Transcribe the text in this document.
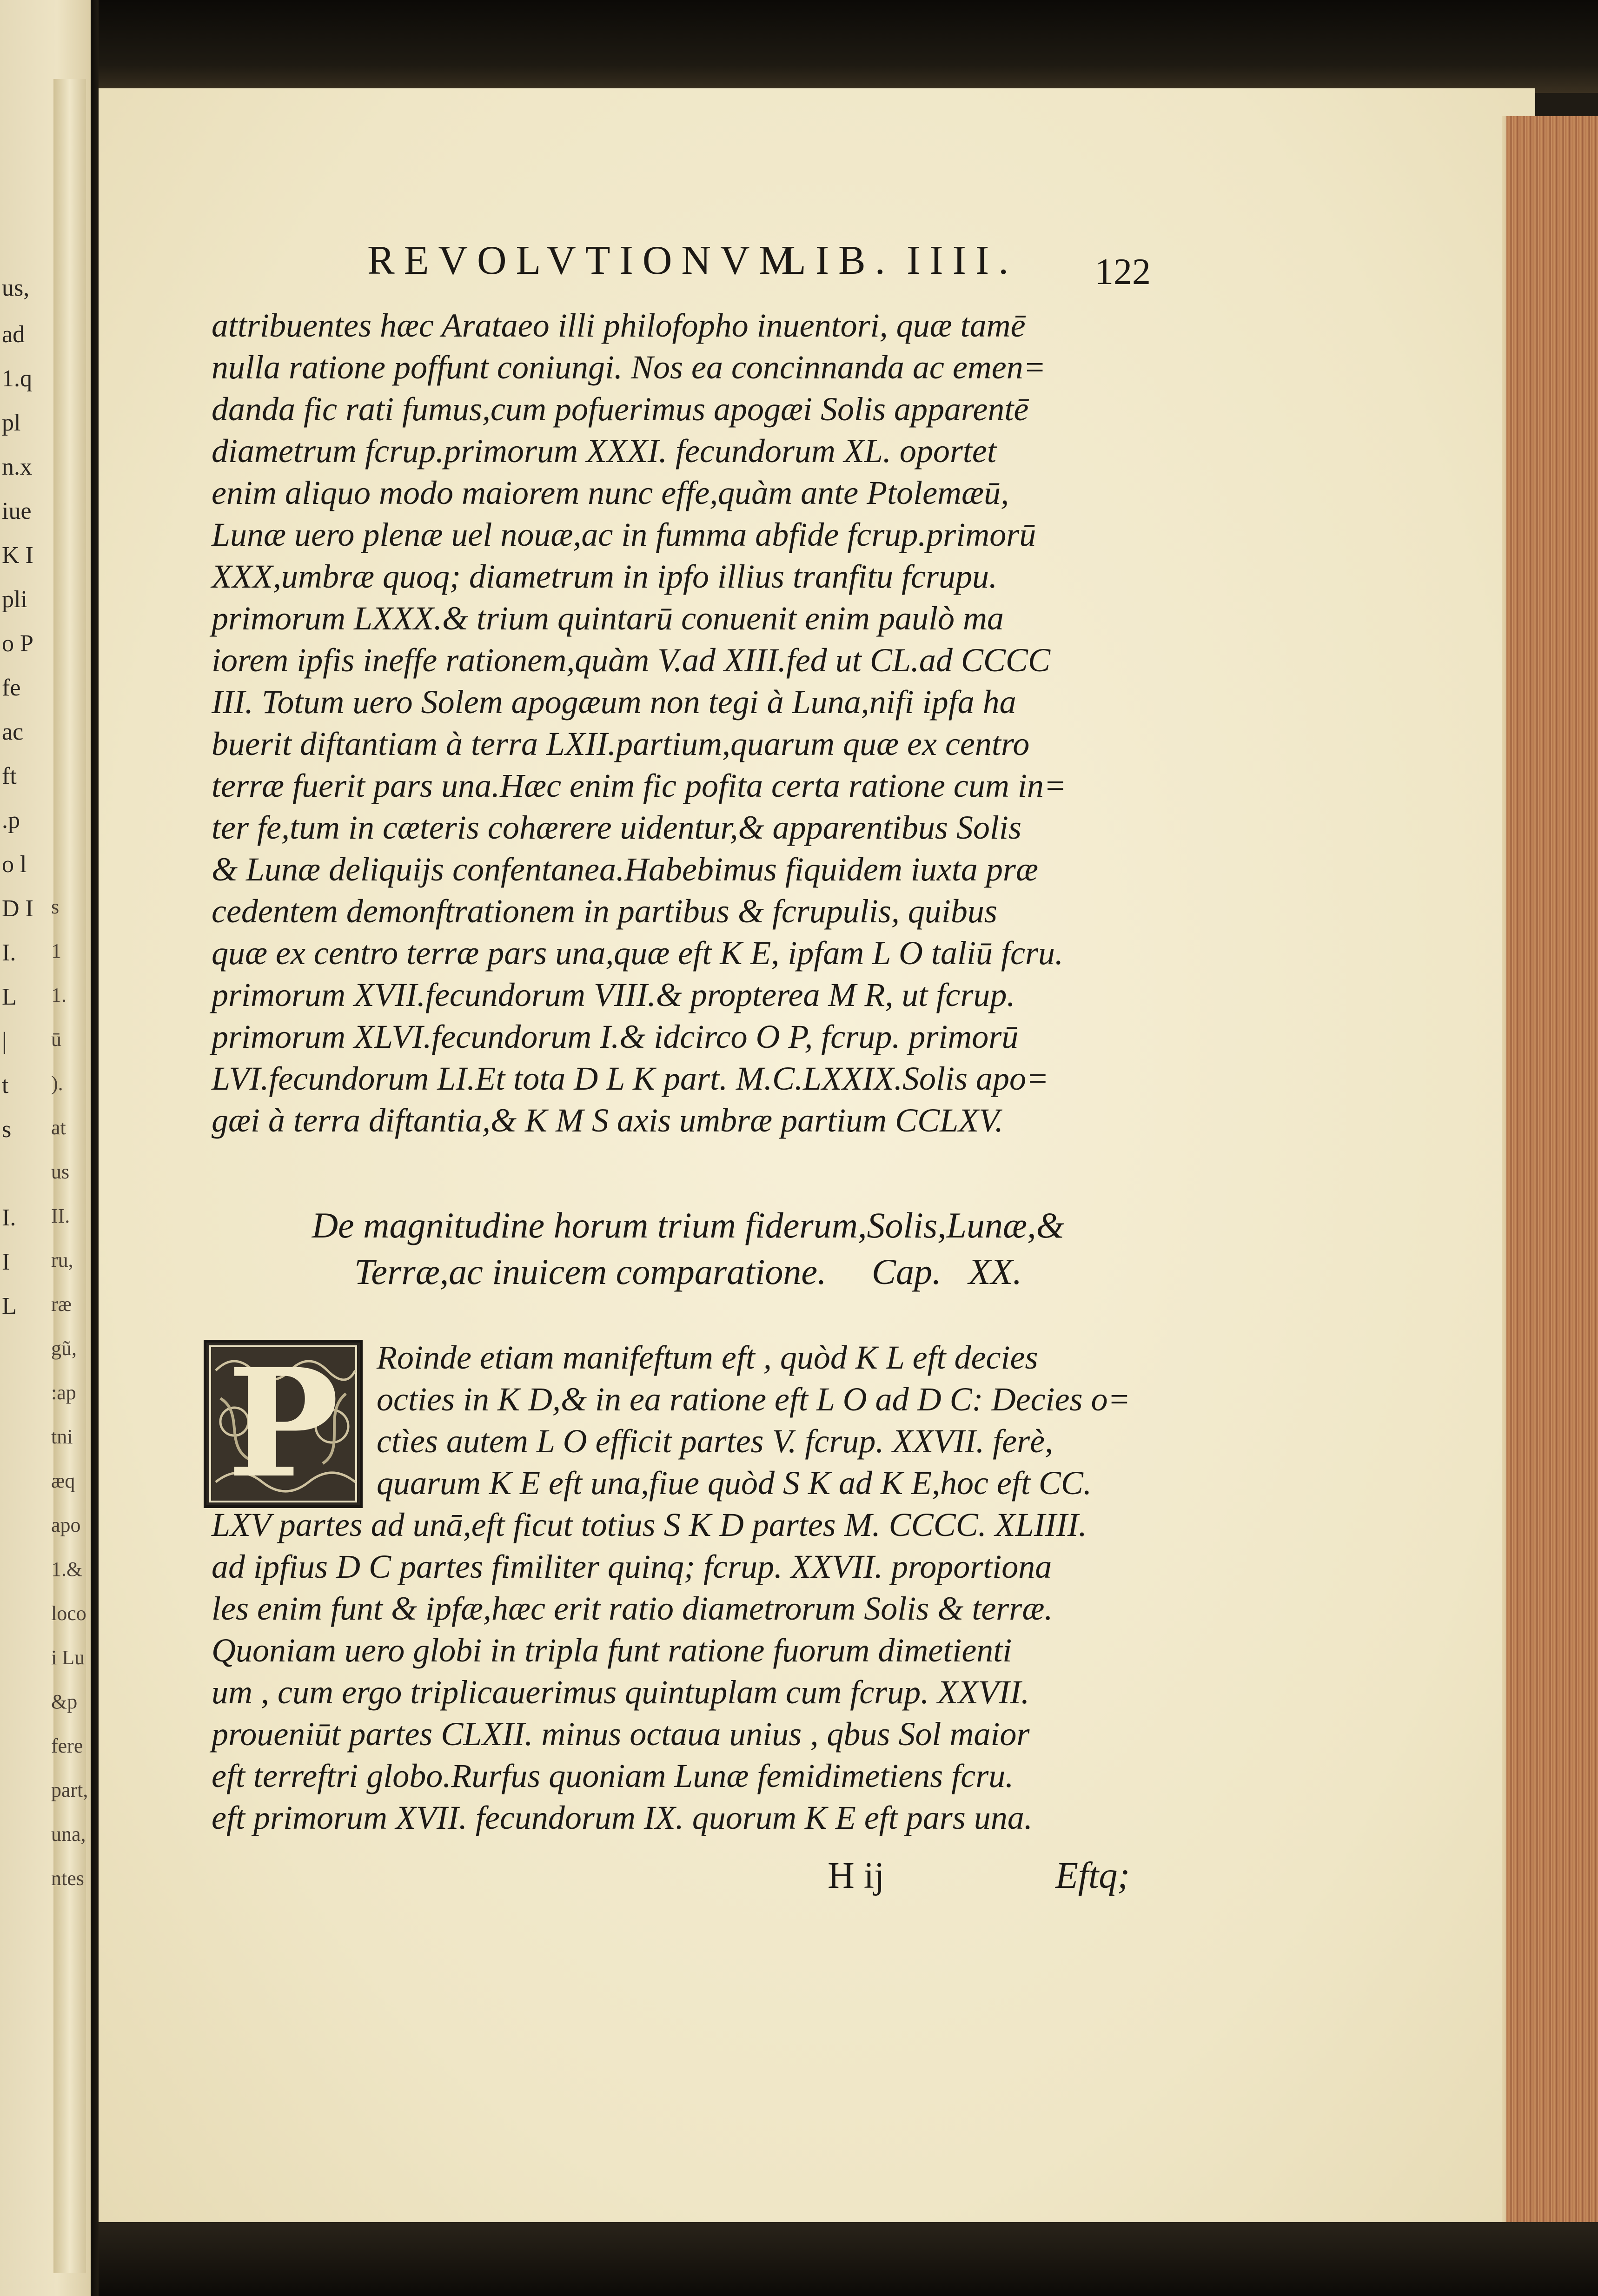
us,
ad
1.q
pl
n.x
iue
K I
pli
o P
fe
ac
ft
.p
o l
D I s
I. 1
L 1.
| ū
t ).
s at
us
I. II.
I ru,
L ræ
gũ,
:ap
tni
æq
apo
1.&
loco
i Lu
&p
fere
part,
una,
ntes
REVOLVTIONVM
LIB. IIII. 122
attribuentes hæc Arataeo illi philofopho inuentori, quæ tamē
nulla ratione poffunt coniungi. Nos ea concinnanda ac emen=
danda fic rati fumus,cum pofuerimus apogæi Solis apparentē
diametrum fcrup.primorum XXXI. fecundorum XL. oportet
enim aliquo modo maiorem nunc effe,quàm ante Ptolemæū,
Lunæ uero plenæ uel nouæ,ac in fumma abfide fcrup.primorū
XXX,umbræ quoq; diametrum in ipfo illius tranfitu fcrupu.
primorum LXXX.& trium quintarū conuenit enim paulò ma
iorem ipfis ineffe rationem,quàm V.ad XIII.fed ut CL.ad CCCC
III. Totum uero Solem apogæum non tegi à Luna,nifi ipfa ha
buerit diftantiam à terra LXII.partium,quarum quæ ex centro
terræ fuerit pars una.Hæc enim fic pofita certa ratione cum in=
ter fe,tum in cæteris cohærere uidentur,& apparentibus Solis
& Lunæ deliquijs confentanea.Habebimus fiquidem iuxta præ
cedentem demonftrationem in partibus & fcrupulis, quibus
quæ ex centro terræ pars una,quæ eft K E, ipfam L O taliū fcru.
primorum XVII.fecundorum VIII.& propterea M R, ut fcrup.
primorum XLVI.fecundorum I.& idcirco O P, fcrup. primorū
LVI.fecundorum LI.Et tota D L K part. M.C.LXXIX.Solis apo=
gæi à terra diftantia,& K M S axis umbræ partium CCLXV.
De magnitudine horum trium fiderum,Solis,Lunæ,&
Terræ,ac inuicem comparatione.     Cap.   XX.
P	Roinde etiam manifeftum eft , quòd K L eft decies
octies in K D,& in ea ratione eft L O ad D C: Decies o=
ctìes autem L O efficit partes V. fcrup. XXVII. ferè,
quarum K E eft una,fiue quòd S K ad K E,hoc eft CC.
LXV partes ad unā,eft ficut totius S K D partes M. CCCC. XLIIII.
ad ipfius D C partes fimiliter quinq; fcrup. XXVII. proportiona
les enim funt & ipfæ,hæc erit ratio diametrorum Solis & terræ.
Quoniam uero globi in tripla funt ratione fuorum dimetienti
um , cum ergo triplicauerimus quintuplam cum fcrup. XXVII.
proueniūt partes CLXII. minus octaua unius , qbus Sol maior
eft terreftri globo.Rurfus quoniam Lunæ femidimetiens fcru.
eft primorum XVII. fecundorum IX. quorum K E eft pars una.
H ij	Eftq;
